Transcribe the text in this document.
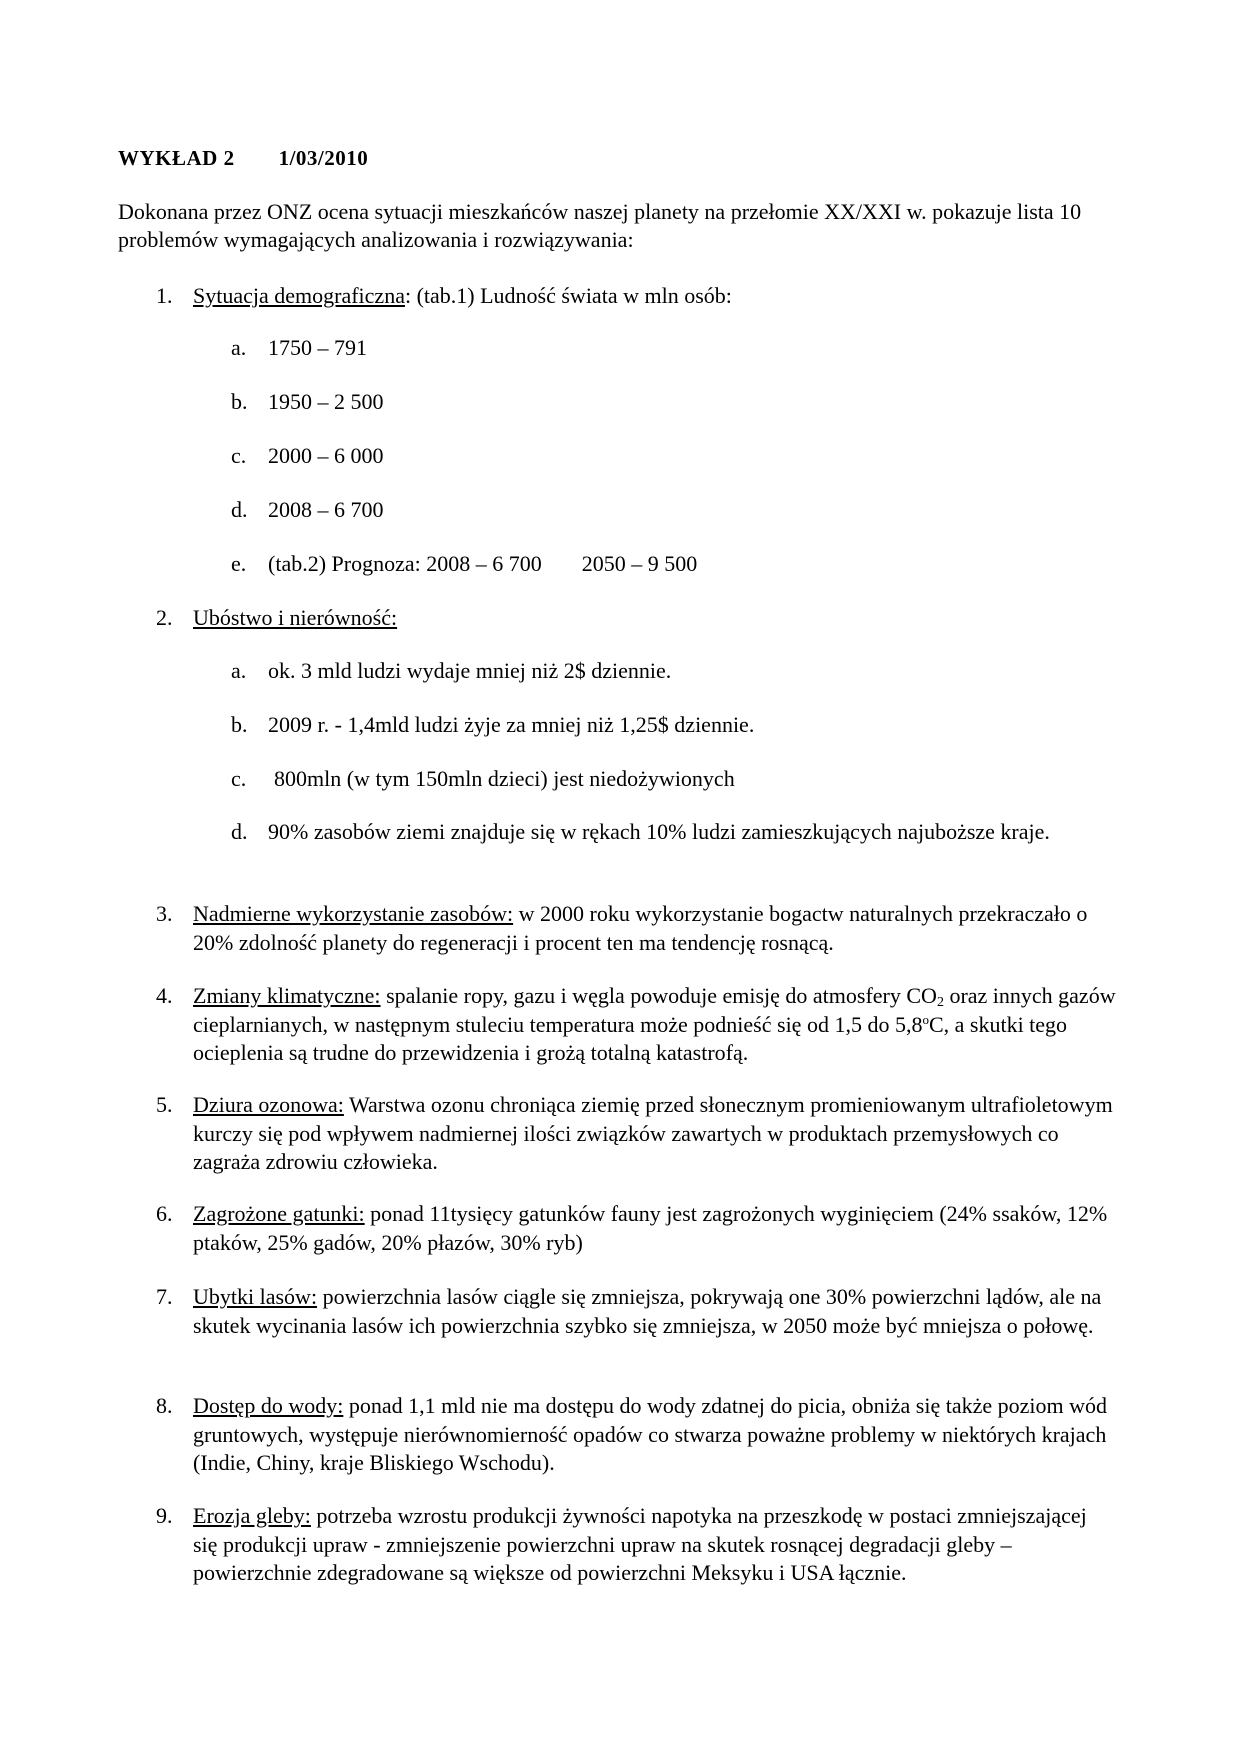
WYKŁAD 2 1/03/2010
Dokonana przez ONZ ocena sytuacji mieszkańców naszej planety na przełomie XX/XXI w. pokazuje lista 10 problemów wymagających analizowania i rozwiązywania:
1. Sytuacja demograficzna: (tab.1) Ludność świata w mln osób:
a. 1750 – 791
b. 1950 – 2 500
c. 2000 – 6 000
d. 2008 – 6 700
e. (tab.2) Prognoza: 2008 – 6 700 2050 – 9 500
2. Ubóstwo i nierówność:
a. ok. 3 mld ludzi wydaje mniej niż 2$ dziennie.
b. 2009 r. - 1,4mld ludzi żyje za mniej niż 1,25$ dziennie.
c. 800mln (w tym 150mln dzieci) jest niedożywionych
d. 90% zasobów ziemi znajduje się w rękach 10% ludzi zamieszkujących najuboższe kraje.
3. Nadmierne wykorzystanie zasobów: w 2000 roku wykorzystanie bogactw naturalnych przekraczało o 20% zdolność planety do regeneracji i procent ten ma tendencję rosnącą.
4. Zmiany klimatyczne: spalanie ropy, gazu i węgla powoduje emisję do atmosfery $CO_2$ oraz innych gazów cieplarnianych, w następnym stuleciu temperatura może podnieść się od 1,5 do 5,8$^o$C, a skutki tego ocieplenia są trudne do przewidzenia i grożą totalną katastrofą.
5. Dziura ozonowa: Warstwa ozonu chroniąca ziemię przed słonecznym promieniowanym ultrafioletowym kurczy się pod wpływem nadmiernej ilości związków zawartych w produktach przemysłowych co zagraża zdrowiu człowieka.
6. Zagrożone gatunki: ponad 11tysięcy gatunków fauny jest zagrożonych wyginięciem (24% ssaków, 12% ptaków, 25% gadów, 20% płazów, 30% ryb)
7. Ubytki lasów: powierzchnia lasów ciągle się zmniejsza, pokrywają one 30% powierzchni lądów, ale na skutek wycinania lasów ich powierzchnia szybko się zmniejsza, w 2050 może być mniejsza o połowę.
8. Dostęp do wody: ponad 1,1 mld nie ma dostępu do wody zdatnej do picia, obniża się także poziom wód gruntowych, występuje nierównomierność opadów co stwarza poważne problemy w niektórych krajach (Indie, Chiny, kraje Bliskiego Wschodu).
9. Erozja gleby: potrzeba wzrostu produkcji żywności napotyka na przeszkodę w postaci zmniejszającej się produkcji upraw - zmniejszenie powierzchni upraw na skutek rosnącej degradacji gleby – powierzchnie zdegradowane są większe od powierzchni Meksyku i USA łącznie.
